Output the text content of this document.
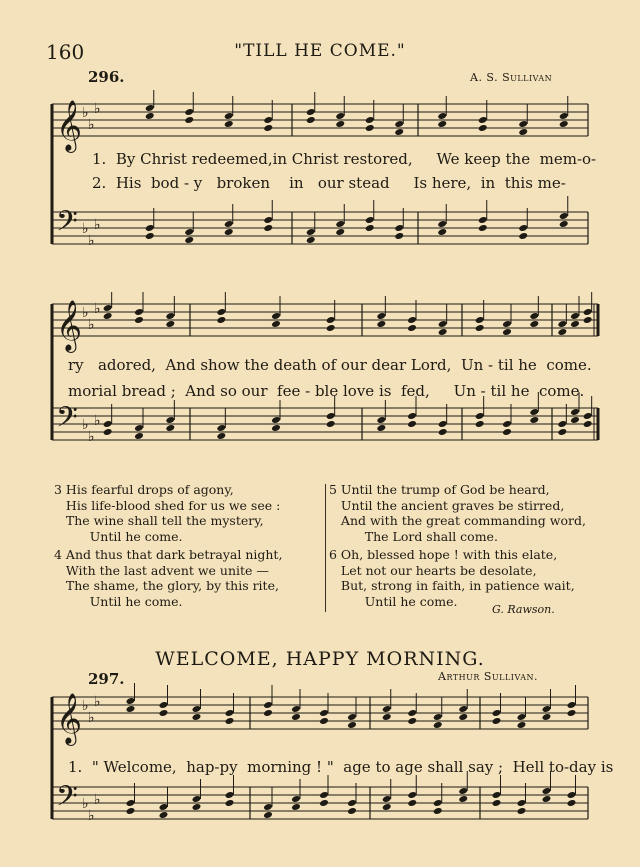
160	"TILL HE COME."
296.	A. S. Sullivan
𝄞
𝄢
♭
♭
♭
♭
♭
♭
1.  By Christ redeemed,in Christ restored,     We keep the  mem-o-
2.  His  bod - y   broken    in   our stead     Is here,  in  this me-
𝄞
𝄢
♭
♭
♭
♭
♭
♭
ry   adored,  And show the death of our dear Lord,  Un - til he  come.
morial bread ;  And so our  fee - ble love is  fed,     Un - til he  come.
3 His fearful drops of agony,
His life-blood shed for us we see :
The wine shall tell the mystery,
Until he come.
4 And thus that dark betrayal night,
With the last advent we unite —
The shame, the glory, by this rite,
Until he come.
5 Until the trump of God be heard,
Until the ancient graves be stirred,
And with the great commanding word,
The Lord shall come.
6 Oh, blessed hope ! with this elate,
Let not our hearts be desolate,
But, strong in faith, in patience wait,
Until he come.
G. Rawson.
WELCOME, HAPPY MORNING.
297.	Arthur Sullivan.
𝄞
𝄢
♭
♭
♭
♭
♭
♭
1.  " Welcome,  hap-py  morning ! "  age to age shall say ;  Hell to-day is
